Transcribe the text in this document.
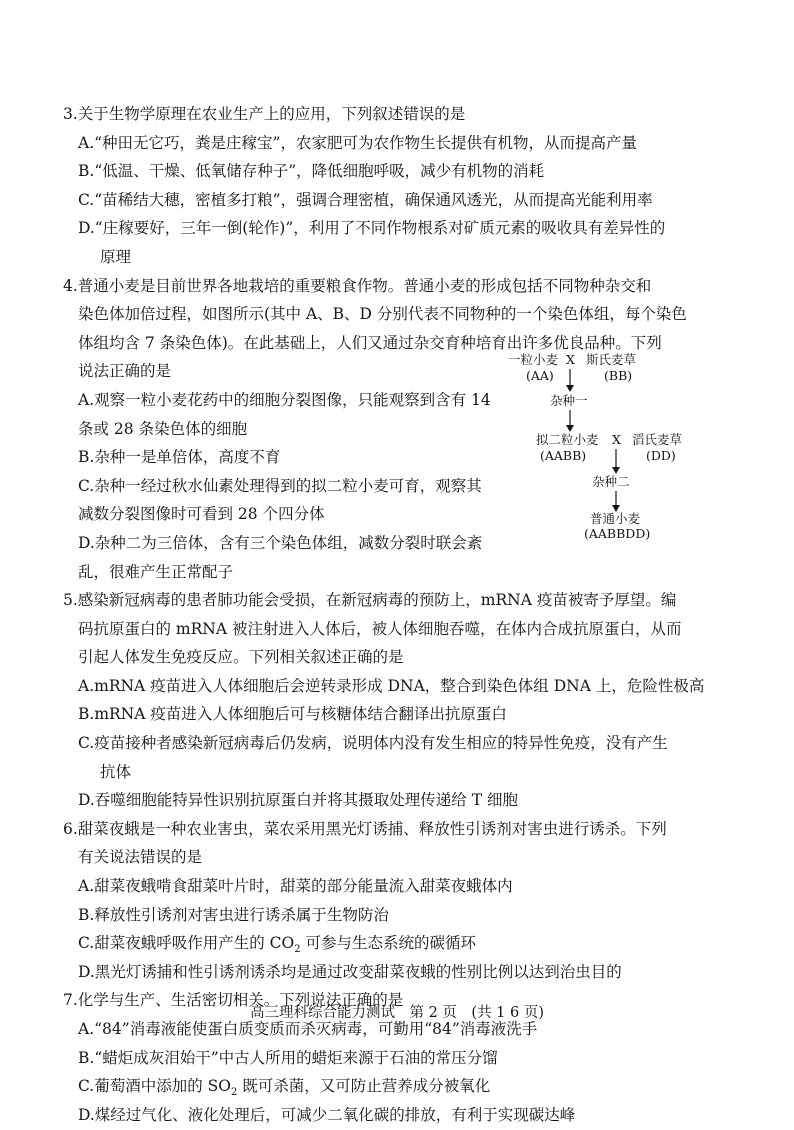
3.关于生物学原理在农业生产上的应用，下列叙述错误的是
A.“种田无它巧，粪是庄稼宝”，农家肥可为农作物生长提供有机物，从而提高产量
B.“低温、干燥、低氧储存种子”，降低细胞呼吸，减少有机物的消耗
C.“苗稀结大穗，密植多打粮”，强调合理密植，确保通风透光，从而提高光能利用率
D.“庄稼要好，三年一倒(轮作)”，利用了不同作物根系对矿质元素的吸收具有差异性的
原理
4.普通小麦是目前世界各地栽培的重要粮食作物。普通小麦的形成包括不同物种杂交和
染色体加倍过程，如图所示(其中 A、B、D 分别代表不同物种的一个染色体组，每个染色
体组均含 7 条染色体)。在此基础上，人们又通过杂交育种培育出许多优良品种。下列
说法正确的是
A.观察一粒小麦花药中的细胞分裂图像，只能观察到含有 14 条或 28 条染色体的细胞
B.杂种一是单倍体，高度不育
C.杂种一经过秋水仙素处理得到的拟二粒小麦可育，观察其减数分裂图像时可看到 28 个四分体
D.杂种二为三倍体，含有三个染色体组，减数分裂时联会紊乱，很难产生正常配子
一粒小麦
(AA)
X 斯氏麦草
(BB)
杂种一
拟二粒小麦
(AABB)
X 滔氏麦草
(DD)
杂种二
普通小麦
(AABBDD)
5.感染新冠病毒的患者肺功能会受损，在新冠病毒的预防上，mRNA 疫苗被寄予厚望。编
码抗原蛋白的 mRNA 被注射进入人体后，被人体细胞吞噬，在体内合成抗原蛋白，从而
引起人体发生免疫反应。下列相关叙述正确的是
A.mRNA 疫苗进入人体细胞后会逆转录形成 DNA，整合到染色体组 DNA 上，危险性极高
B.mRNA 疫苗进入人体细胞后可与核糖体结合翻译出抗原蛋白
C.疫苗接种者感染新冠病毒后仍发病，说明体内没有发生相应的特异性免疫，没有产生
抗体
D.吞噬细胞能特异性识别抗原蛋白并将其摄取处理传递给 T 细胞
6.甜菜夜蛾是一种农业害虫，菜农采用黑光灯诱捕、释放性引诱剂对害虫进行诱杀。下列
有关说法错误的是
A.甜菜夜蛾啃食甜菜叶片时，甜菜的部分能量流入甜菜夜蛾体内
B.释放性引诱剂对害虫进行诱杀属于生物防治
C.甜菜夜蛾呼吸作用产生的 $CO_2$ 可参与生态系统的碳循环
D.黑光灯诱捕和性引诱剂诱杀均是通过改变甜菜夜蛾的性别比例以达到治虫目的
高三理科综合能力测试　第 2 页　(共 1 6 页)
7.化学与生产、生活密切相关。下列说法正确的是
A.“84”消毒液能使蛋白质变质而杀灭病毒，可勤用“84”消毒液洗手
B.“蜡炬成灰泪始干”中古人所用的蜡炬来源于石油的常压分馏
C.葡萄酒中添加的 $SO_2$ 既可杀菌，又可防止营养成分被氧化
D.煤经过气化、液化处理后，可减少二氧化碳的排放，有利于实现碳达峰
